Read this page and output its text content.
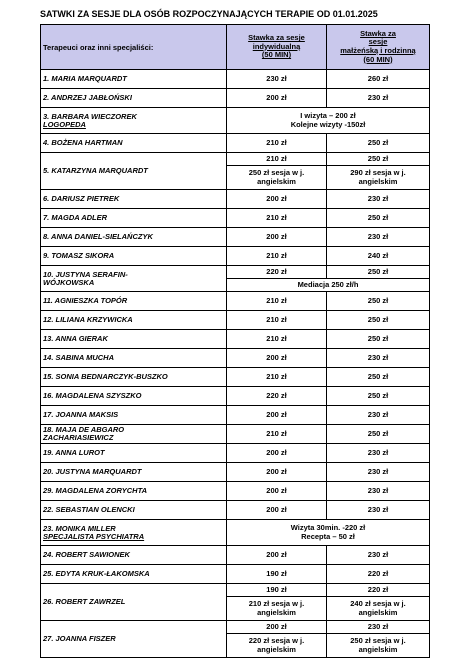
SATWKI ZA SESJE DLA OSÓB ROZPOCZYNAJĄCYCH TERAPIE OD 01.01.2025
Terapeuci oraz inni specjaliści:	Stawka za sesje
indywidualną
(50 MIN)	Stawka za
sesje
małżeńską i rodzinną
(60 MIN)
1. MARIA MARQUARDT	230 zł	260 zł
2. ANDRZEJ JABŁOŃSKI	200 zł	230 zł
3. BARBARA WIECZOREK
LOGOPEDA	I wizyta – 200 zł
Kolejne wizyty -150zł	
4. BOŻENA HARTMAN	210 zł	250 zł
5. KATARZYNA MARQUARDT	210 zł	250 zł
	250 zł sesja w j.
angielskim	290 zł sesja w j.
angielskim
6. DARIUSZ PIETREK	200 zł	230 zł
7. MAGDA ADLER	210 zł	250 zł
8. ANNA DANIEL-SIELAŃCZYK	200 zł	230 zł
9. TOMASZ SIKORA	210 zł	240 zł
10. JUSTYNA SERAFIN-
WÓJKOWSKA	220 zł	250 zł
	Mediacja 250 zł/h	
11. AGNIESZKA TOPÓR	210 zł	250 zł
12. LILIANA KRZYWICKA	210 zł	250 zł
13. ANNA GIERAK	210 zł	250 zł
14. SABINA MUCHA	200 zł	230 zł
15. SONIA BEDNARCZYK-BUSZKO	210 zł	250 zł
16. MAGDALENA SZYSZKO	220 zł	250 zł
17. JOANNA MAKSIS	200 zł	230 zł
18. MAJA DE ABGARO
ZACHARIASIEWICZ	210 zł	250 zł
19. ANNA LUROT	200 zł	230 zł
20. JUSTYNA MARQUARDT	200 zł	230 zł
29. MAGDALENA ZORYCHTA	200 zł	230 zł
22. SEBASTIAN OLENCKI	200 zł	230 zł
23. MONIKA MILLER
SPECJALISTA PSYCHIATRA	Wizyta 30min. -220 zł
Recepta – 50 zł	
24. ROBERT SAWIONEK	200 zł	230 zł
25. EDYTA KRUK-ŁAKOMSKA	190 zł	220 zł
26. ROBERT ZAWRZEL	190 zł	220 zł
	210 zł sesja w j.
angielskim	240 zł sesja w j.
angielskim
27. JOANNA FISZER	200 zł	230 zł
	220 zł sesja w j.
angielskim	250 zł sesja w j.
angielskim
